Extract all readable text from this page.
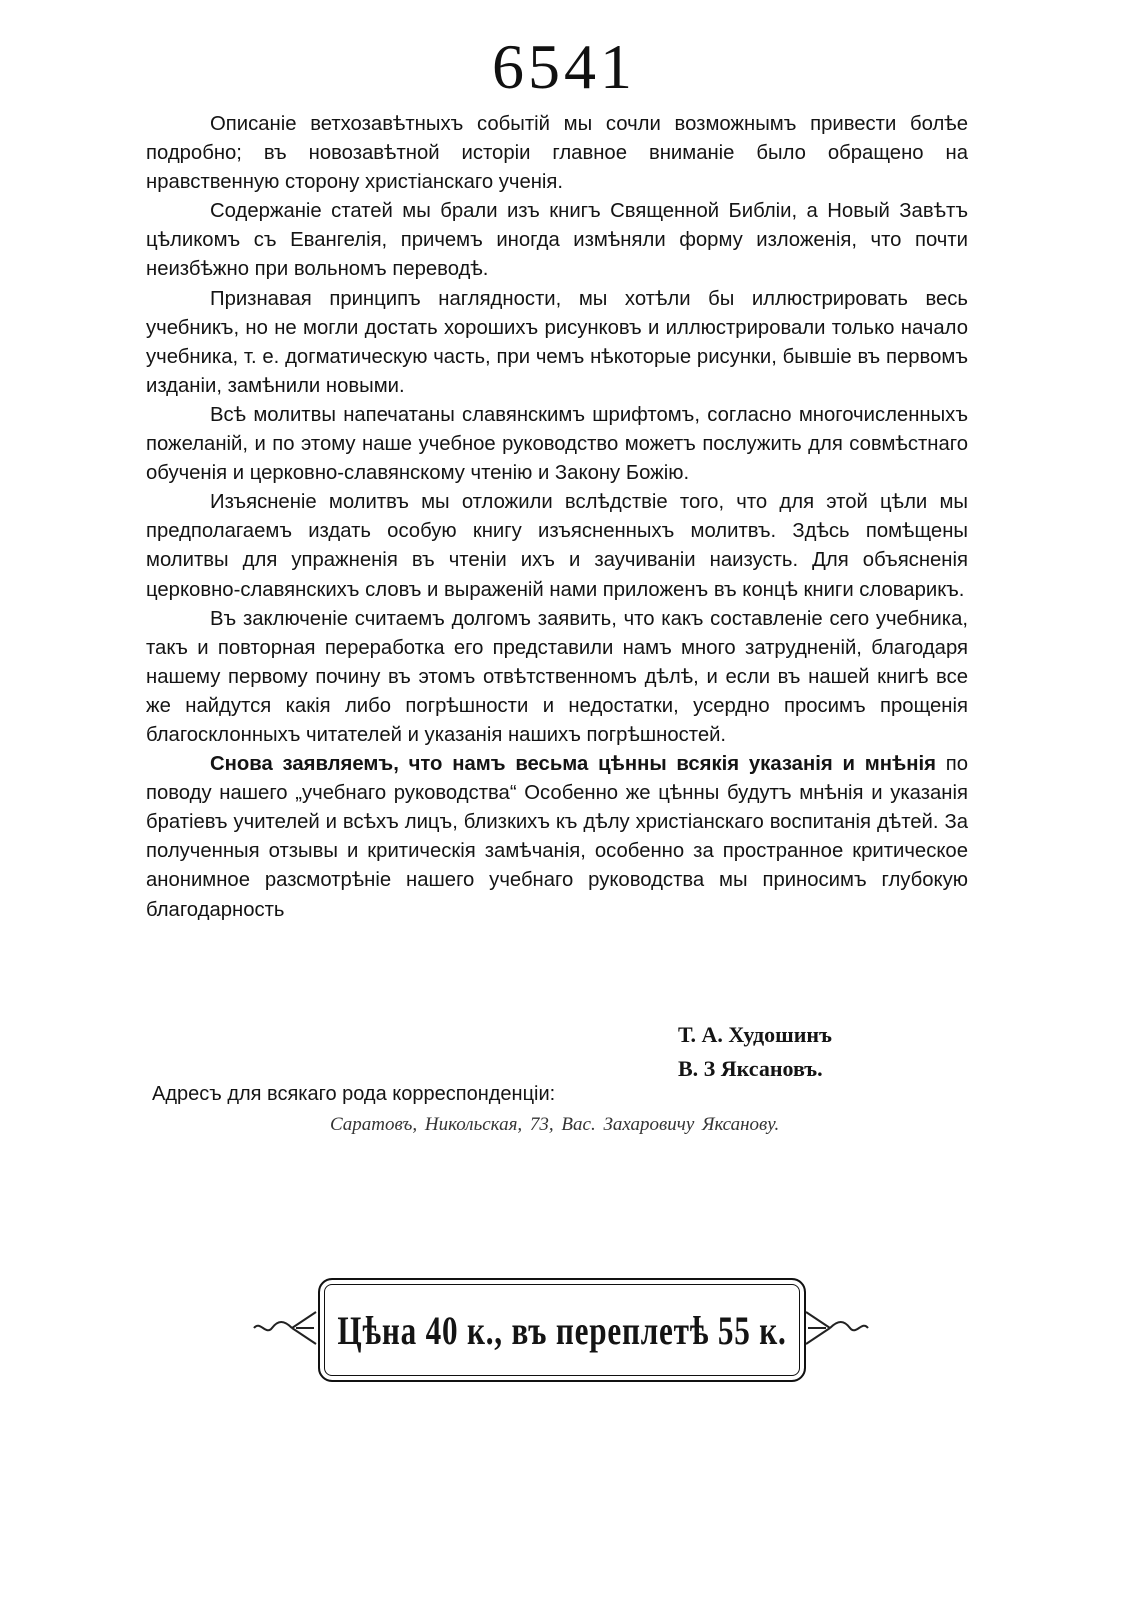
6541

Описаніе ветхозавѣтныхъ событій мы сочли возможнымъ привести болѣе подробно; въ новозавѣтной исторіи главное вниманіе было обращено на нравственную сторону христіанскаго ученія.

Содержаніе статей мы брали изъ книгъ Священной Библіи, а Новый Завѣтъ цѣликомъ съ Евангелія, причемъ иногда измѣняли форму изложенія, что почти неизбѣжно при вольномъ переводѣ.

Признавая принципъ наглядности, мы хотѣли бы иллюстрировать весь учебникъ, но не могли достать хорошихъ рисунковъ и иллюстрировали только начало учебника, т. е. догматическую часть, при чемъ нѣкоторые рисунки, бывшіе въ первомъ изданіи, замѣнили новыми.

Всѣ молитвы напечатаны славянскимъ шрифтомъ, согласно многочисленныхъ пожеланій, и по этому наше учебное руководство можетъ послужить для совмѣстнаго обученія и церковно-славянскому чтенію и Закону Божію.

Изъясненіе молитвъ мы отложили вслѣдствіе того, что для этой цѣли мы предполагаемъ издать особую книгу изъясненныхъ молитвъ. Здѣсь помѣщены молитвы для упражненія въ чтеніи ихъ и заучиваніи наизусть. Для объясненія церковно-славянскихъ словъ и выраженій нами приложенъ въ концѣ книги словарикъ.

Въ заключеніе считаемъ долгомъ заявить, что какъ составленіе сего учебника, такъ и повторная переработка его представили намъ много затрудненій, благодаря нашему первому почину въ этомъ отвѣтственномъ дѣлѣ, и если въ нашей книгѣ все же найдутся какія либо погрѣшности и недостатки, усердно просимъ прощенія благосклонныхъ читателей и указанія нашихъ погрѣшностей.

Снова заявляемъ, что намъ весьма цѣнны всякія указанія и мнѣнія по поводу нашего „учебнаго руководства“ Особенно же цѣнны будутъ мнѣнія и указанія братіевъ учителей и всѣхъ лицъ, близкихъ къ дѣлу христіанскаго воспитанія дѣтей. За полученныя отзывы и критическія замѣчанія, особенно за пространное критическое анонимное разсмотрѣніе нашего учебнаго руководства мы приносимъ глубокую благодарность

Т. А. Худошинъ
В. З Яксановъ.
Адресъ для всякаго рода корреспонденціи:
Саратовъ, Никольская, 73, Вас. Захаровичу Яксанову.
Цѣна 40 к., въ переплетѣ 55 к.
